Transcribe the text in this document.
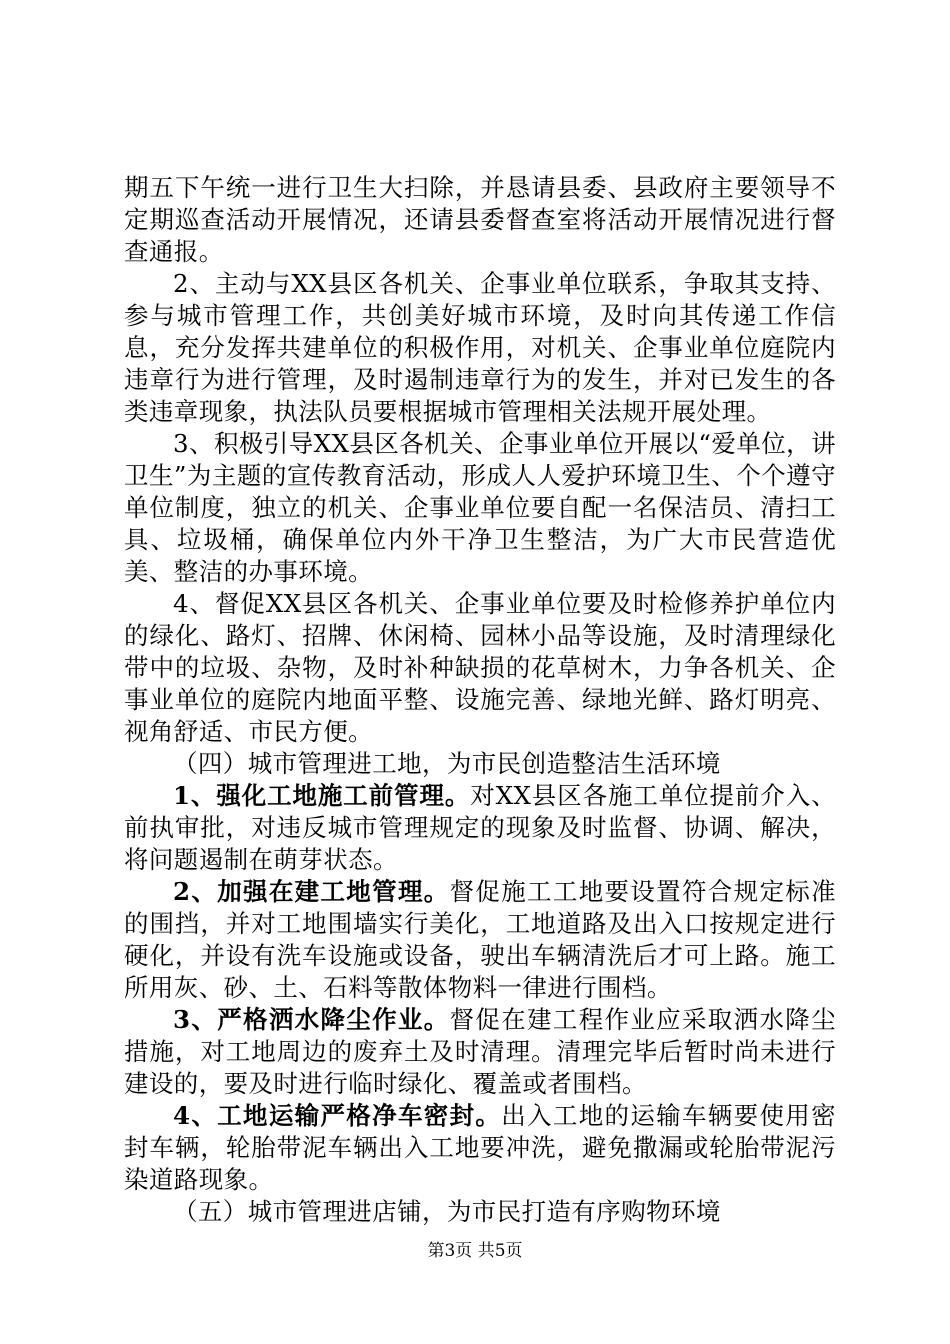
期五下午统一进行卫生大扫除，并恳请县委、县政府主要领导不定期巡查活动开展情况，还请县委督查室将活动开展情况进行督查通报。

2、主动与XX县区各机关、企事业单位联系，争取其支持、参与城市管理工作，共创美好城市环境，及时向其传递工作信息，充分发挥共建单位的积极作用，对机关、企事业单位庭院内违章行为进行管理，及时遏制违章行为的发生，并对已发生的各类违章现象，执法队员要根据城市管理相关法规开展处理。

3、积极引导XX县区各机关、企事业单位开展以“爱单位，讲卫生”为主题的宣传教育活动，形成人人爱护环境卫生、个个遵守单位制度，独立的机关、企事业单位要自配一名保洁员、清扫工具、垃圾桶，确保单位内外干净卫生整洁，为广大市民营造优美、整洁的办事环境。

4、督促XX县区各机关、企事业单位要及时检修养护单位内的绿化、路灯、招牌、休闲椅、园林小品等设施，及时清理绿化带中的垃圾、杂物，及时补种缺损的花草树木，力争各机关、企事业单位的庭院内地面平整、设施完善、绿地光鲜、路灯明亮、视角舒适、市民方便。

（四）城市管理进工地，为市民创造整洁生活环境

1、强化工地施工前管理。对XX县区各施工单位提前介入、前执审批，对违反城市管理规定的现象及时监督、协调、解决，将问题遏制在萌芽状态。

2、加强在建工地管理。督促施工工地要设置符合规定标准的围挡，并对工地围墙实行美化，工地道路及出入口按规定进行硬化，并设有洗车设施或设备，驶出车辆清洗后才可上路。施工所用灰、砂、土、石料等散体物料一律进行围档。

3、严格洒水降尘作业。督促在建工程作业应采取洒水降尘措施，对工地周边的废弃土及时清理。清理完毕后暂时尚未进行建设的，要及时进行临时绿化、覆盖或者围档。

4、工地运输严格净车密封。出入工地的运输车辆要使用密封车辆，轮胎带泥车辆出入工地要冲洗，避免撒漏或轮胎带泥污染道路现象。

（五）城市管理进店铺，为市民打造有序购物环境

第3页 共5页
